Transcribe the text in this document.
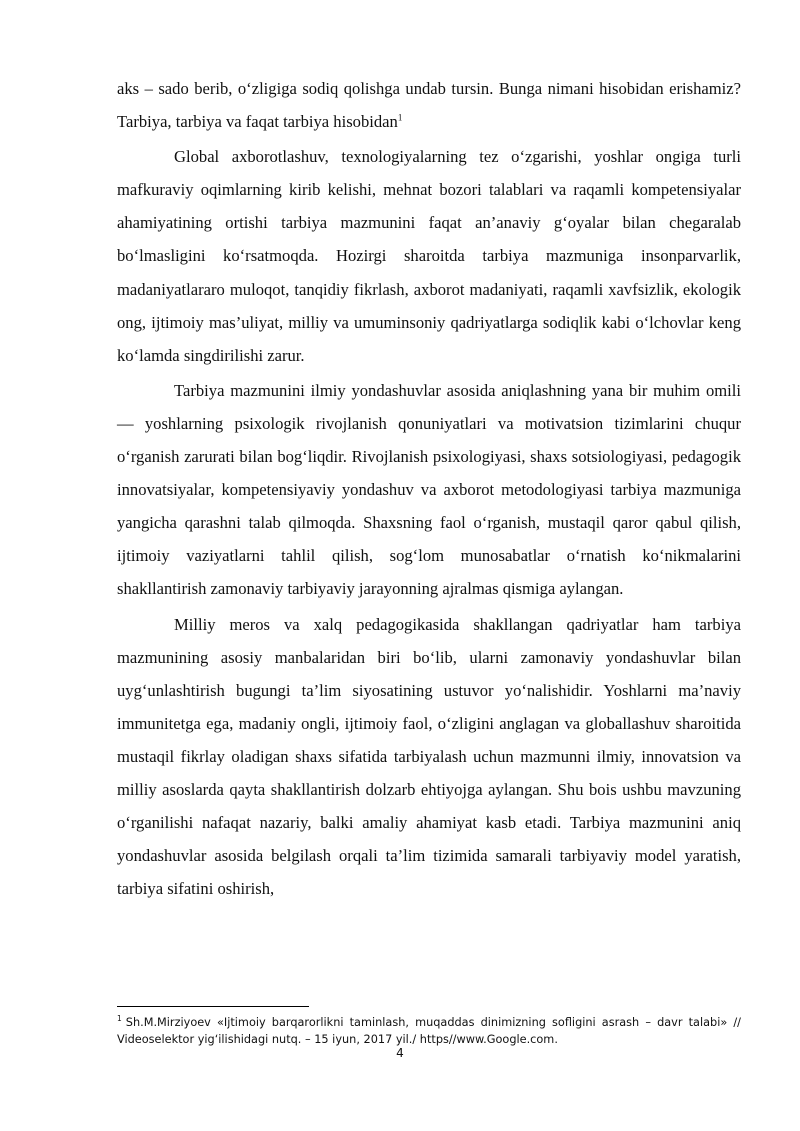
aks – sado berib, o‘zligiga sodiq qolishga undab tursin. Bunga nimani hisobidan erishamiz? Tarbiya, tarbiya va faqat tarbiya hisobidan$^1$

Global axborotlashuv, texnologiyalarning tez o‘zgarishi, yoshlar ongiga turli mafkuraviy oqimlarning kirib kelishi, mehnat bozori talablari va raqamli kompetensiyalar ahamiyatining ortishi tarbiya mazmunini faqat an’anaviy g‘oyalar bilan chegaralab bo‘lmasligini ko‘rsatmoqda. Hozirgi sharoitda tarbiya mazmuniga insonparvarlik, madaniyatlararo muloqot, tanqidiy fikrlash, axborot madaniyati, raqamli xavfsizlik, ekologik ong, ijtimoiy mas’uliyat, milliy va umuminsoniy qadriyatlarga sodiqlik kabi o‘lchovlar keng ko‘lamda singdirilishi zarur.

Tarbiya mazmunini ilmiy yondashuvlar asosida aniqlashning yana bir muhim omili — yoshlarning psixologik rivojlanish qonuniyatlari va motivatsion tizimlarini chuqur o‘rganish zarurati bilan bog‘liqdir. Rivojlanish psixologiyasi, shaxs sotsiologiyasi, pedagogik innovatsiyalar, kompetensiyaviy yondashuv va axborot metodologiyasi tarbiya mazmuniga yangicha qarashni talab qilmoqda. Shaxsning faol o‘rganish, mustaqil qaror qabul qilish, ijtimoiy vaziyatlarni tahlil qilish, sog‘lom munosabatlar o‘rnatish ko‘nikmalarini shakllantirish zamonaviy tarbiyaviy jarayonning ajralmas qismiga aylangan.

Milliy meros va xalq pedagogikasida shakllangan qadriyatlar ham tarbiya mazmunining asosiy manbalaridan biri bo‘lib, ularni zamonaviy yondashuvlar bilan uyg‘unlashtirish bugungi ta’lim siyosatining ustuvor yo‘nalishidir. Yoshlarni ma’naviy immunitetga ega, madaniy ongli, ijtimoiy faol, o‘zligini anglagan va globallashuv sharoitida mustaqil fikrlay oladigan shaxs sifatida tarbiyalash uchun mazmunni ilmiy, innovatsion va milliy asoslarda qayta shakllantirish dolzarb ehtiyojga aylangan. Shu bois ushbu mavzuning o‘rganilishi nafaqat nazariy, balki amaliy ahamiyat kasb etadi. Tarbiya mazmunini aniq yondashuvlar asosida belgilash orqali ta’lim tizimida samarali tarbiyaviy model yaratish, tarbiya sifatini oshirish,

$^1$ Sh.M.Mirziyoev «Ijtimoiy barqarorlikni taminlash, muqaddas dinimizning sofligini asrash – davr talabi» // Videoselektor yig‘ilishidagi nutq. – 15 iyun, 2017 yil./ https//www.Google.com.
4
